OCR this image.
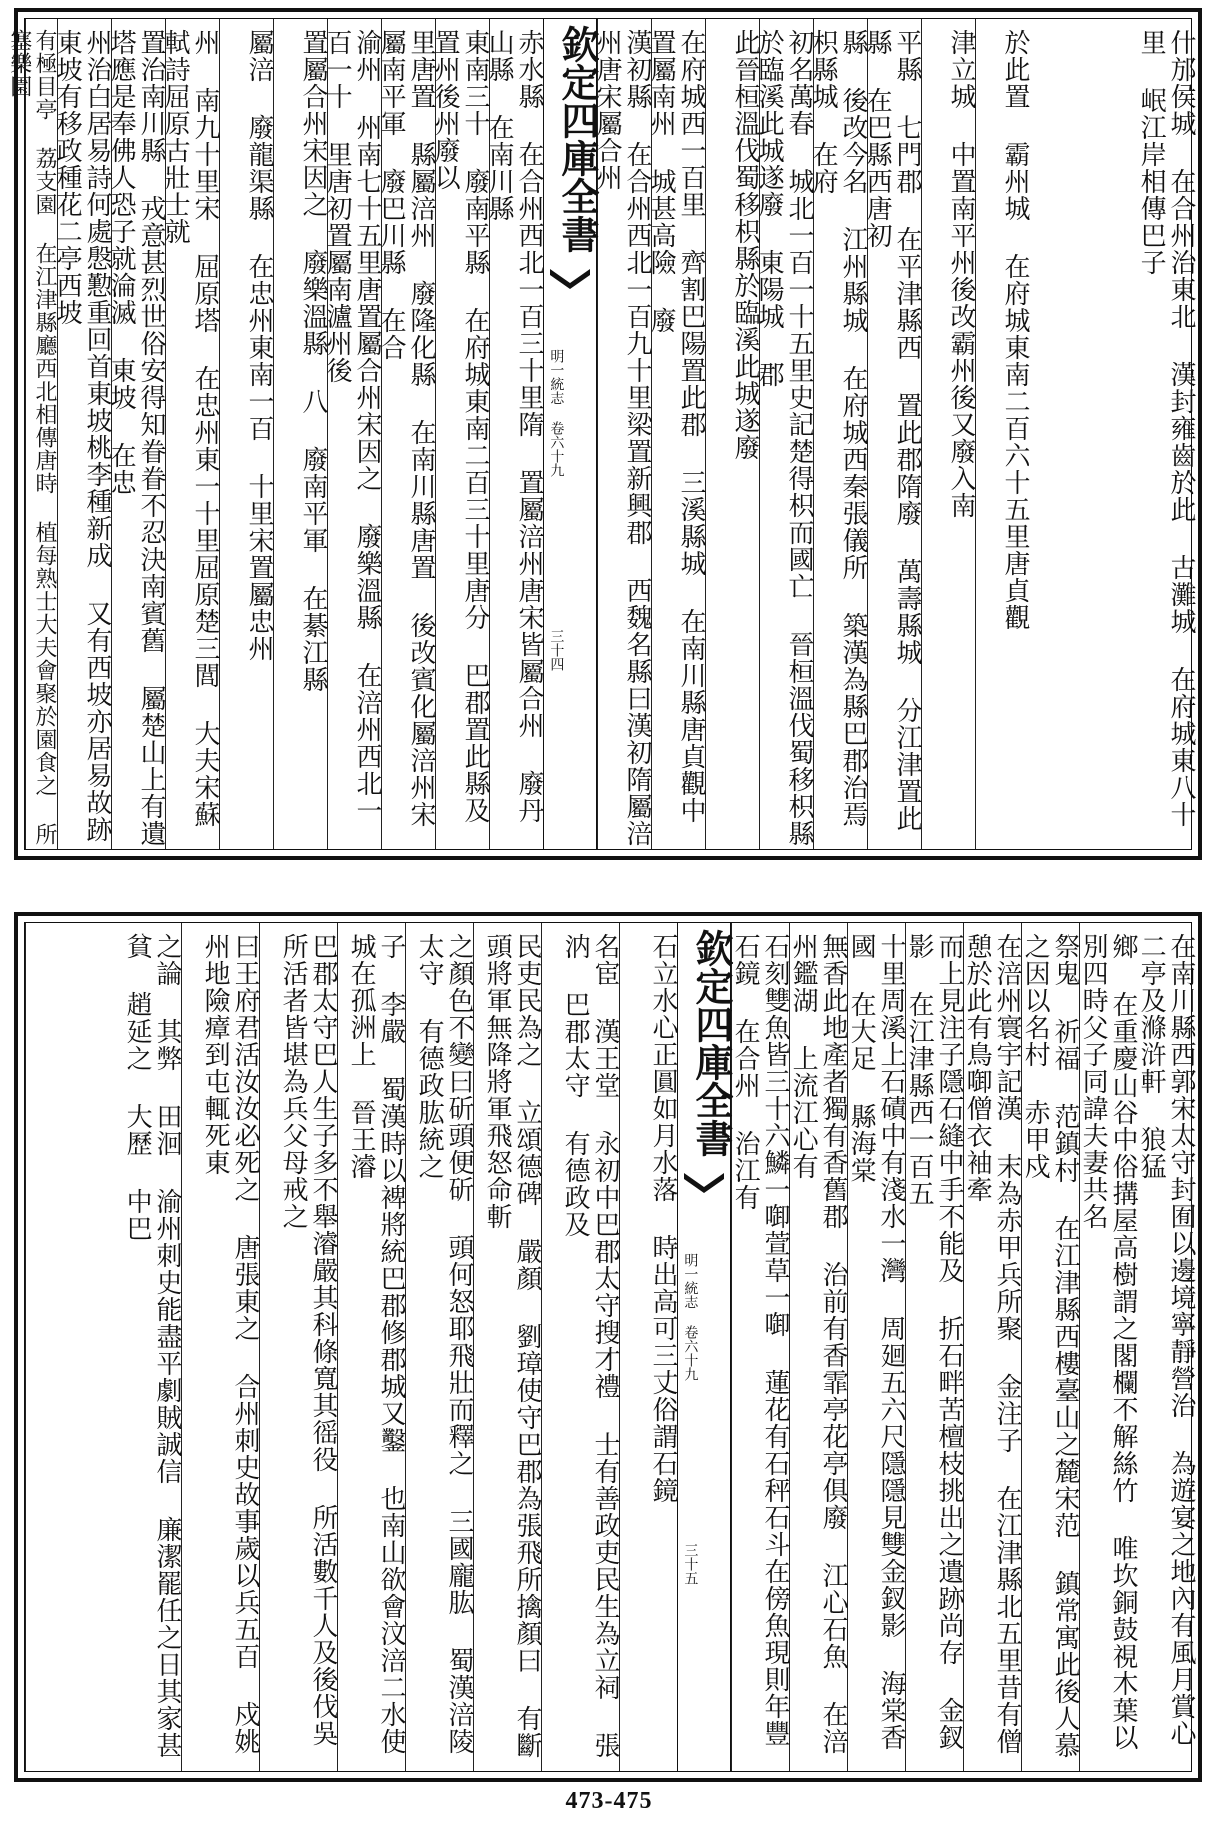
什邡侯城 在合州治東北 漢封雍齒於此 古灘城 在府城東八十里 岷江岸相傳巴子
於此置 霸州城 在府城東南二百六十五里唐貞觀
津立城 中置南平州後改霸州後又廢入南
平縣 七門郡 在平津縣西 置此郡隋廢 萬壽縣城 分江津置此縣 在巴縣西唐初
縣 後改今名 江州縣城 在府城西秦張儀所 築漢為縣巴郡治焉 枳縣城 在府
初名萬春 城北一百一十五里史記楚得枳而國亡 晉桓溫伐蜀移枳縣於臨溪此城遂廢 東陽城 郡
此晉桓溫伐蜀移枳縣於臨溪此城遂廢
在府城西一百里 齊割巴陽置此郡 三溪縣城 在南川縣唐貞觀中 置屬南州 城甚高險 廢
漢初縣 在合州西北一百九十里梁置新興郡 西魏名縣曰漢初隋屬涪州唐宋屬合州
欽定四庫全書
明一統志 卷六十九
三十四
赤水縣 在合州西北一百三十里隋 置屬涪州唐宋皆屬合州 廢丹山縣 在南川縣
東南三十 廢南平縣 在府城東南二百三十里唐分 巴郡置此縣及置州後州廢以
里唐置 縣屬涪州 廢隆化縣 在南川縣唐置 後改賓化屬涪州宋屬南平軍 廢巴川縣 在合
渝州 州南七十五里唐置屬合州宋因之 廢樂溫縣 在涪州西北一百一十 里唐初置屬南瀘州後
置屬合州宋因之 廢樂溫縣 八 廢南平軍 在綦江縣
屬涪 廢龍渠縣 在忠州東南一百 十里宋置屬忠州
州 南九十里宋 屈原塔 在忠州東一十里屈原楚三閭 大夫宋蘇軾詩屈原古壯士就
置治南川縣 戎意甚烈世俗安得知眷眷不忍決南賓舊 屬楚山上有遺塔應是奉佛人恐子就淪滅 東坡 在忠
州治白居易詩何處慇懃重回首東坡桃李種新成 又有西坡亦居易故跡東坡有移政種花二亭西坡
有極目亭 荔支園 在江津縣廳西北相傳唐時 植每熟士大夫會聚於園食之 所 塞樂園
在南川縣西郭宋太守封囿以邊境寧靜營治 為遊宴之地內有風月賞心二亭及滌浒軒 狼猛
鄉 在重慶山谷中俗搆屋高樹謂之閣欄不解絲竹 唯坎銅鼓視木葉以別四時父子同諱夫妻共名
祭鬼 祈福 范鎮村 在江津縣西樓臺山之麓宋范 鎮常寓此後人慕之因以名村 赤甲戍
在涪州寰宇記漢 末為赤甲兵所聚 金注子 在江津縣北五里昔有僧 憩於此有鳥啣僧衣袖牽
而上見注子隱石縫中手不能及 折石畔苦檀枝挑出之遺跡尚存 金釵影 在江津縣西一百五
十里周溪上石磧中有淺水一灣 周廻五六尺隱隱見雙金釵影 海棠香國 在大足 縣海棠
無香此地產者獨有香舊郡 治前有香霏亭花亭俱廢 江心石魚 在涪州鑑湖 上流江心有
石刻雙魚皆三十六鱗一啣萱草一啣 蓮花有石秤石斗在傍魚現則年豐 石鏡 在合州 治江有
欽定四庫全書
明一統志 卷六十九
三十五
石立水心正圓如月水落 時出高可三丈俗謂石鏡
名宦 漢王堂 永初中巴郡太守搜才禮 士有善政吏民生為立祠 張汭 巴郡太守 有德政及
民吏民為之 立頌德碑 嚴顏 劉璋使守巴郡為張飛所擒顏曰 有斷頭將軍無降將軍飛怒命斬
之顏色不變曰斫頭便斫 頭何怒耶飛壯而釋之 三國龐肱 蜀漢涪陵太守 有德政肱統之
子 李嚴 蜀漢時以裨將統巴郡修郡城又鑿 也南山欲會汶涪二水使城在孤洲上 晉王濬
巴郡太守巴人生子多不舉濬嚴其科條寬其徭役 所活數千人及後伐吳所活者皆堪為兵父母戒之
曰王府君活汝汝必死之 唐張東之 合州刺史故事歲以兵五百 戍姚州地險瘴到屯輒死東
之論 其弊 田洄 渝州刺史能盡平劇賊誠信 廉潔罷任之日其家甚貧 趙延之 大歷 中巴
473-475
